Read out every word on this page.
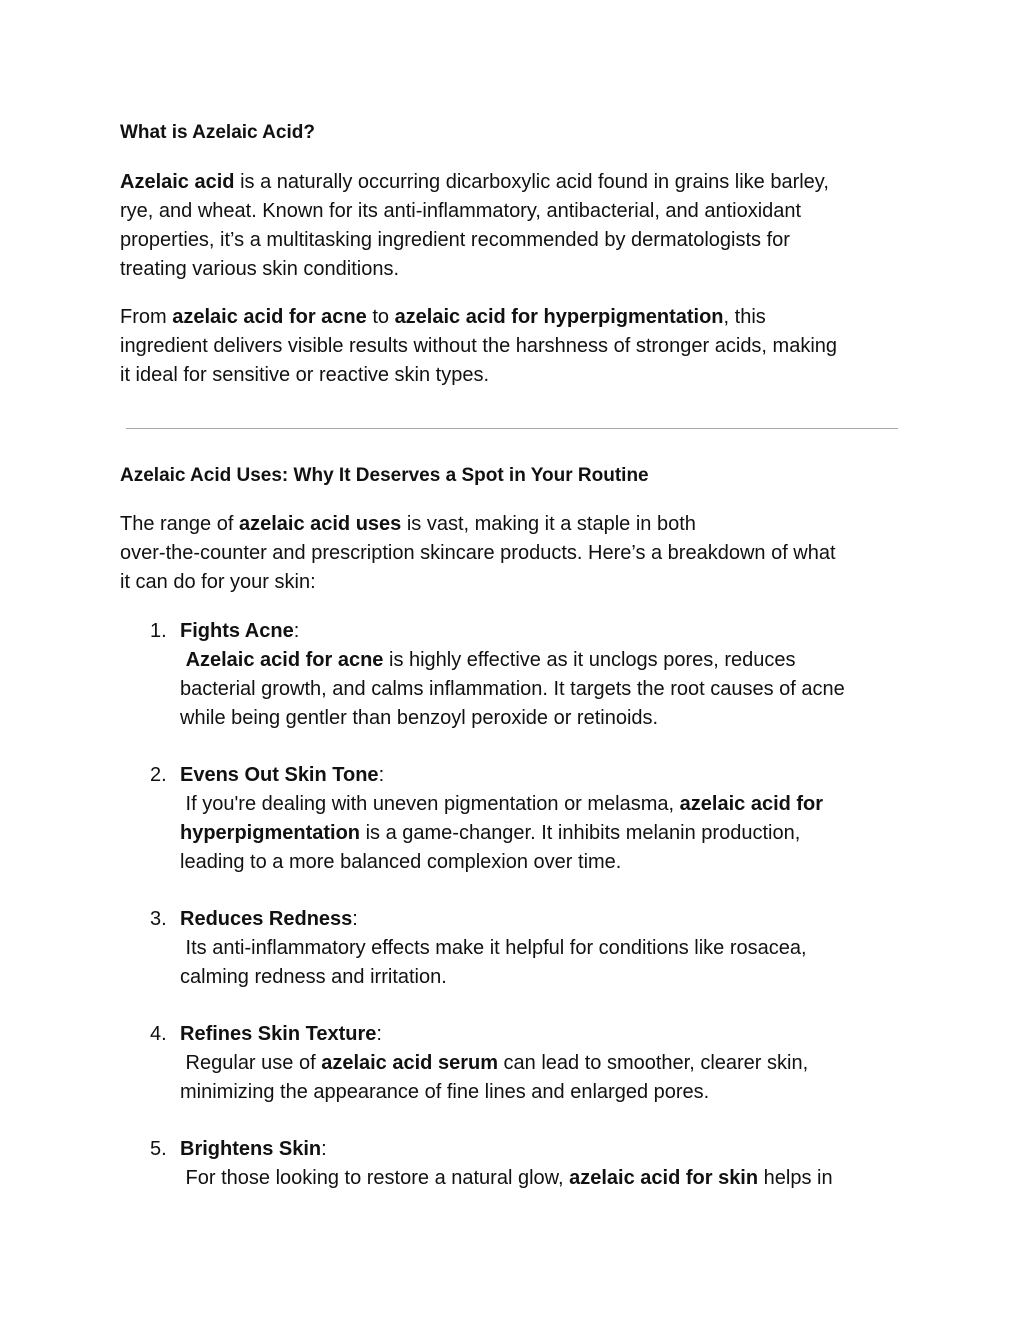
What is Azelaic Acid?
Azelaic acid is a naturally occurring dicarboxylic acid found in grains like barley,
rye, and wheat. Known for its anti-inflammatory, antibacterial, and antioxidant
properties, it’s a multitasking ingredient recommended by dermatologists for
treating various skin conditions.
From azelaic acid for acne to azelaic acid for hyperpigmentation, this
ingredient delivers visible results without the harshness of stronger acids, making
it ideal for sensitive or reactive skin types.
Azelaic Acid Uses: Why It Deserves a Spot in Your Routine
The range of azelaic acid uses is vast, making it a staple in both
over-the-counter and prescription skincare products. Here’s a breakdown of what
it can do for your skin:
1. Fights Acne:
Azelaic acid for acne is highly effective as it unclogs pores, reduces
bacterial growth, and calms inflammation. It targets the root causes of acne
while being gentler than benzoyl peroxide or retinoids.
2. Evens Out Skin Tone:
If you're dealing with uneven pigmentation or melasma, azelaic acid for
hyperpigmentation is a game-changer. It inhibits melanin production,
leading to a more balanced complexion over time.
3. Reduces Redness:
Its anti-inflammatory effects make it helpful for conditions like rosacea,
calming redness and irritation.
4. Refines Skin Texture:
Regular use of azelaic acid serum can lead to smoother, clearer skin,
minimizing the appearance of fine lines and enlarged pores.
5. Brightens Skin:
For those looking to restore a natural glow, azelaic acid for skin helps in
